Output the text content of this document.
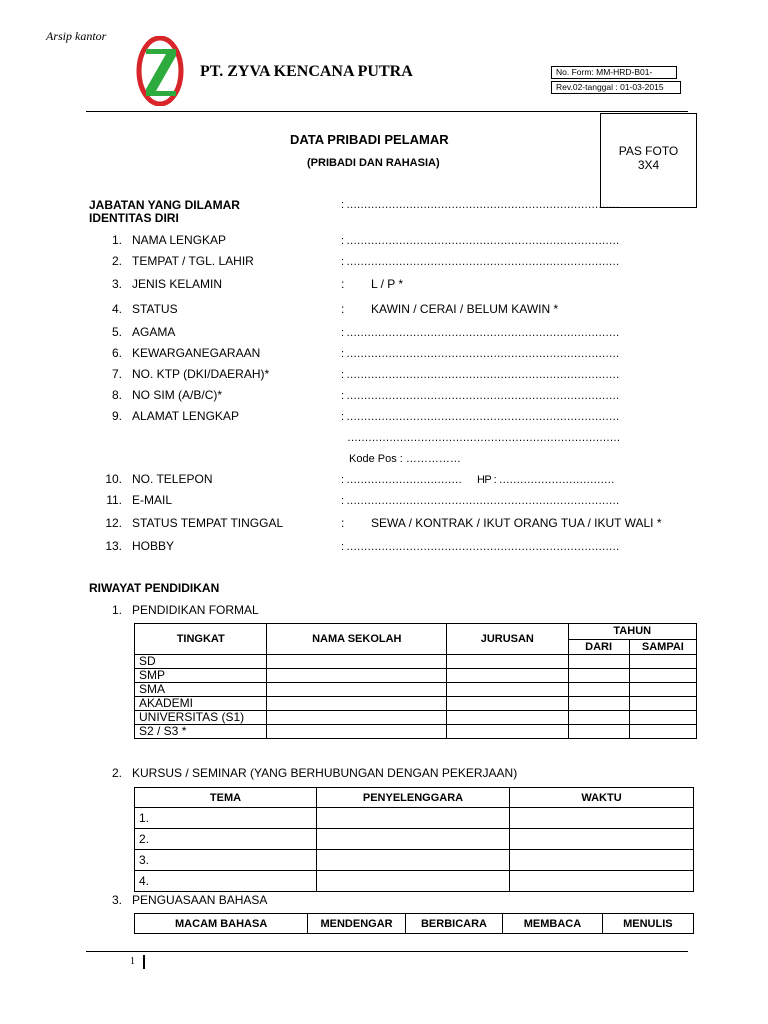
Arsip kantor
PT. ZYVA KENCANA PUTRA	No. Form: MM-HRD-B01-
Rev.02-tanggal : 01-03-2015
DATA PRIBADI PELAMAR
(PRIBADI DAN RAHASIA)
PAS FOTO
3X4
JABATAN YANG DILAMAR	: ……………………………………………………………………
IDENTITAS DIRI
1. NAMA LENGKAP	: ……………………………………………………………………
2. TEMPAT / TGL. LAHIR	: ……………………………………………………………………
3. JENIS KELAMIN	:        L / P *
4. STATUS	:        KAWIN / CERAI / BELUM KAWIN *
5. AGAMA	: ……………………………………………………………………
6. KEWARGANEGARAAN	: ……………………………………………………………………
7. NO. KTP (DKI/DAERAH)*	: ……………………………………………………………………
8. NO SIM (A/B/C)*	: ……………………………………………………………………
9. ALAMAT LENGKAP	: ……………………………………………………………………
……………………………………………………………………
Kode Pos : ……………
10. NO. TELEPON	: ……………………………      HP : ……………………………
11. E-MAIL	: ……………………………………………………………………
12. STATUS TEMPAT TINGGAL	:        SEWA / KONTRAK / IKUT ORANG TUA / IKUT WALI *
13. HOBBY	: ……………………………………………………………………
RIWAYAT PENDIDIKAN
1. PENDIDIKAN FORMAL
TINGKAT	NAMA SEKOLAH	JURUSAN	TAHUN	
			DARI	SAMPAI
SD				
SMP				
SMA				
AKADEMI				
UNIVERSITAS (S1)				
S2 / S3 *				
2. KURSUS / SEMINAR (YANG BERHUBUNGAN DENGAN PEKERJAAN)
TEMA	PENYELENGGARA	WAKTU
1.		
2.		
3.		
4.		
3. PENGUASAAN BAHASA
MACAM BAHASA	MENDENGAR	BERBICARA	MEMBACA	MENULIS
1
